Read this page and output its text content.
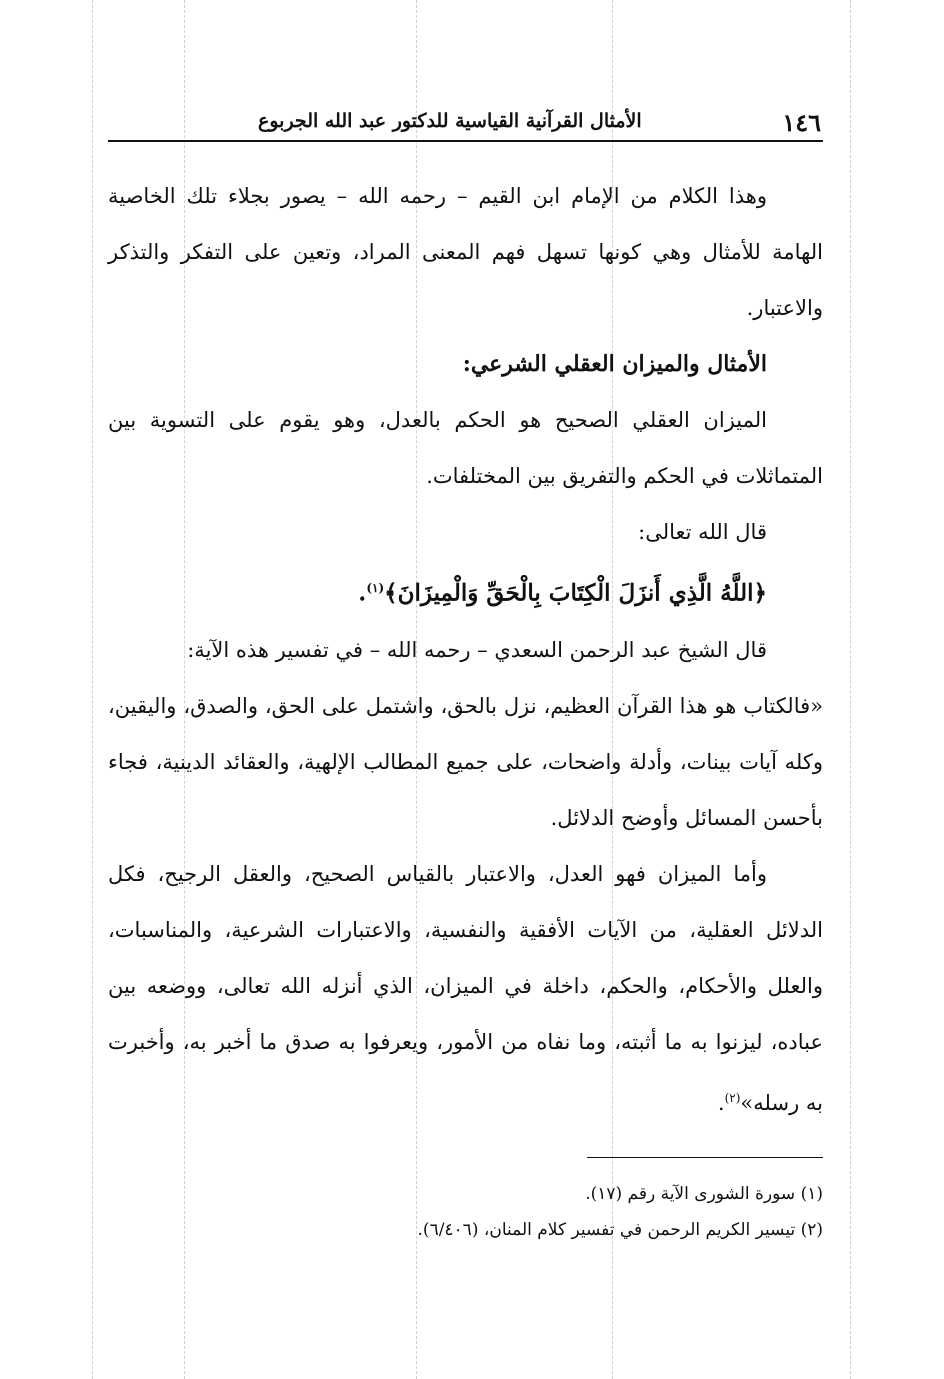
١٤٦
الأمثال القرآنية القياسية للدكتور عبد الله الجربوع

وهذا الكلام من الإمام ابن القيم – رحمه الله – يصور بجلاء تلك الخاصية الهامة للأمثال وهي كونها تسهل فهم المعنى المراد، وتعين على التفكر والتذكر والاعتبار.

الأمثال والميزان العقلي الشرعي:

الميزان العقلي الصحيح هو الحكم بالعدل، وهو يقوم على التسوية بين المتماثلات في الحكم والتفريق بين المختلفات.

قال الله تعالى:

﴿اللَّهُ الَّذِي أَنزَلَ الْكِتَابَ بِالْحَقِّ وَالْمِيزَانَ﴾$^{(١)}$.

قال الشيخ عبد الرحمن السعدي – رحمه الله – في تفسير هذه الآية:

«فالكتاب هو هذا القرآن العظيم، نزل بالحق، واشتمل على الحق، والصدق، واليقين، وكله آيات بينات، وأدلة واضحات، على جميع المطالب الإلهية، والعقائد الدينية، فجاء بأحسن المسائل وأوضح الدلائل.

وأما الميزان فهو العدل، والاعتبار بالقياس الصحيح، والعقل الرجيح، فكل الدلائل العقلية، من الآيات الأفقية والنفسية، والاعتبارات الشرعية، والمناسبات، والعلل والأحكام، والحكم، داخلة في الميزان، الذي أنزله الله تعالى، ووضعه بين عباده، ليزنوا به ما أثبته، وما نفاه من الأمور، ويعرفوا به صدق ما أخبر به، وأخبرت به رسله»$^{(٢)}$.

(١) سورة الشورى الآية رقم (١٧).

(٢) تيسير الكريم الرحمن في تفسير كلام المنان، (٦/٤٠٦).
